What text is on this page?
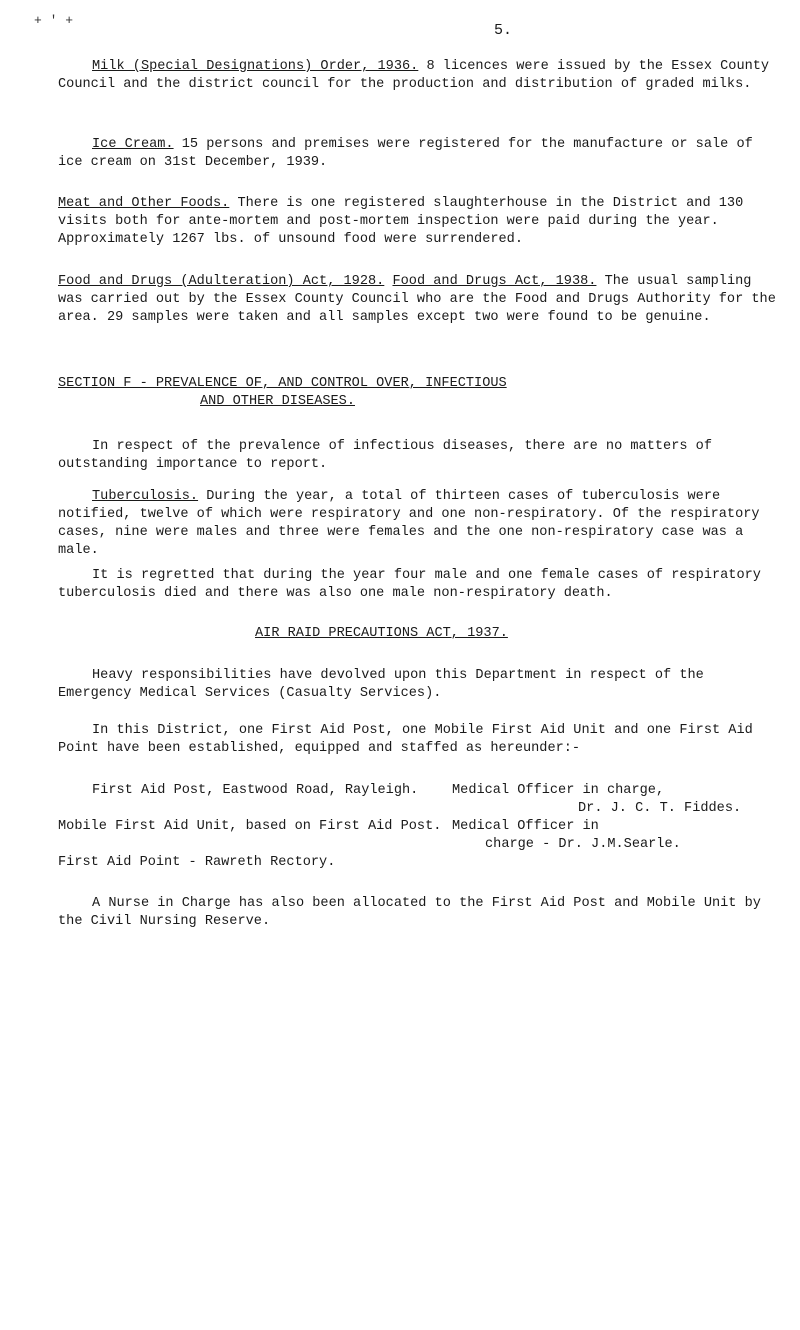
+ ' +
5.
Milk (Special Designations) Order, 1936. 8 licences were issued by the Essex County Council and the district council for the production and distribution of graded milks.
Ice Cream. 15 persons and premises were registered for the manufacture or sale of ice cream on 31st December, 1939.
Meat and Other Foods. There is one registered slaughterhouse in the District and 130 visits both for ante-mortem and post-mortem inspection were paid during the year. Approximately 1267 lbs. of unsound food were surrendered.
Food and Drugs (Adulteration) Act, 1928. Food and Drugs Act, 1938. The usual sampling was carried out by the Essex County Council who are the Food and Drugs Authority for the area. 29 samples were taken and all samples except two were found to be genuine.
SECTION F - PREVALENCE OF, AND CONTROL OVER, INFECTIOUS
AND OTHER DISEASES.
In respect of the prevalence of infectious diseases, there are no matters of outstanding importance to report.
Tuberculosis. During the year, a total of thirteen cases of tuberculosis were notified, twelve of which were respiratory and one non-respiratory. Of the respiratory cases, nine were males and three were females and the one non-respiratory case was a male.
It is regretted that during the year four male and one female cases of respiratory tuberculosis died and there was also one male non-respiratory death.
AIR RAID PRECAUTIONS ACT, 1937.
Heavy responsibilities have devolved upon this Department in respect of the Emergency Medical Services (Casualty Services).
In this District, one First Aid Post, one Mobile First Aid Unit and one First Aid Point have been established, equipped and staffed as hereunder:-
First Aid Post, Eastwood Road, Rayleigh. Medical Officer in charge,
Dr. J. C. T. Fiddes.
Mobile First Aid Unit, based on First Aid Post. Medical Officer in
charge - Dr. J.M.Searle.
First Aid Point - Rawreth Rectory.
A Nurse in Charge has also been allocated to the First Aid Post and Mobile Unit by the Civil Nursing Reserve.
